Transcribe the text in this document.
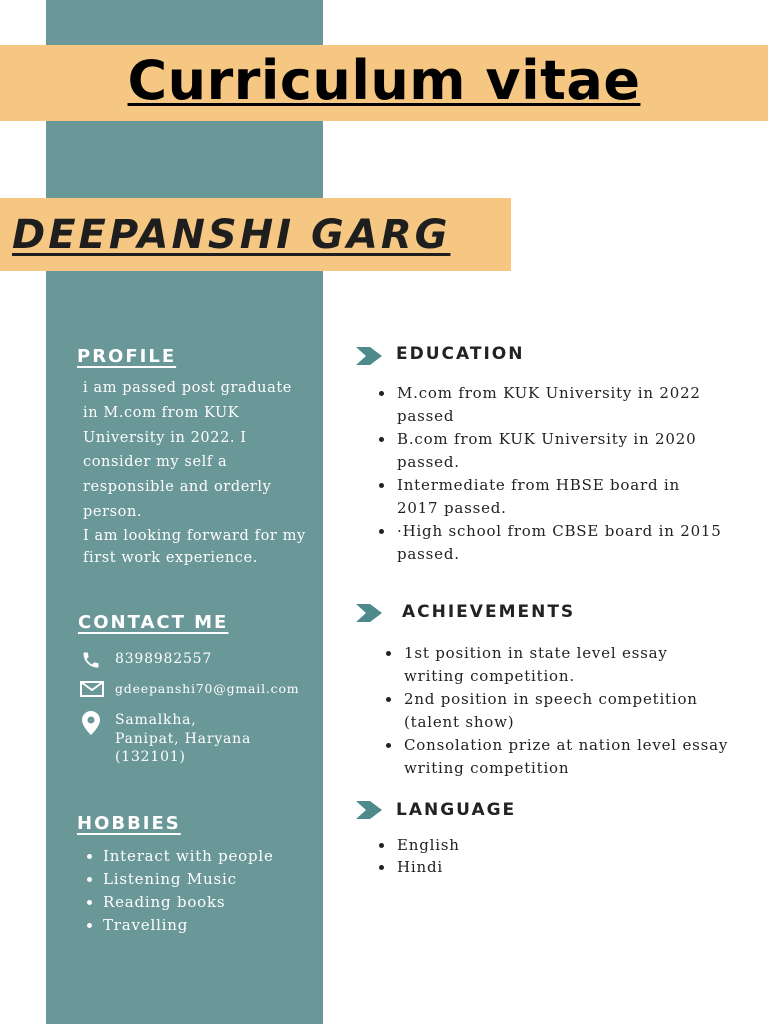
Curriculum vitae
DEEPANSHI GARG
PROFILE
i am passed post graduate in M.com from KUK University in 2022. I consider my self a responsible and orderly person.
I am looking forward for my first work experience.
CONTACT ME
8398982557
gdeepanshi70@gmail.com
Samalkha,
Panipat, Haryana
(132101)
HOBBIES
• Interact with people
• Listening Music
• Reading books
• Travelling
EDUCATION
• M.com from KUK University in 2022 passed
• B.com from KUK University in 2020 passed.
• Intermediate from HBSE board in 2017 passed.
• ·High school from CBSE board in 2015 passed.
ACHIEVEMENTS
• 1st position in state level essay writing competition.
• 2nd position in speech competition (talent show)
• Consolation prize at nation level essay writing competition
LANGUAGE
• English
• Hindi
